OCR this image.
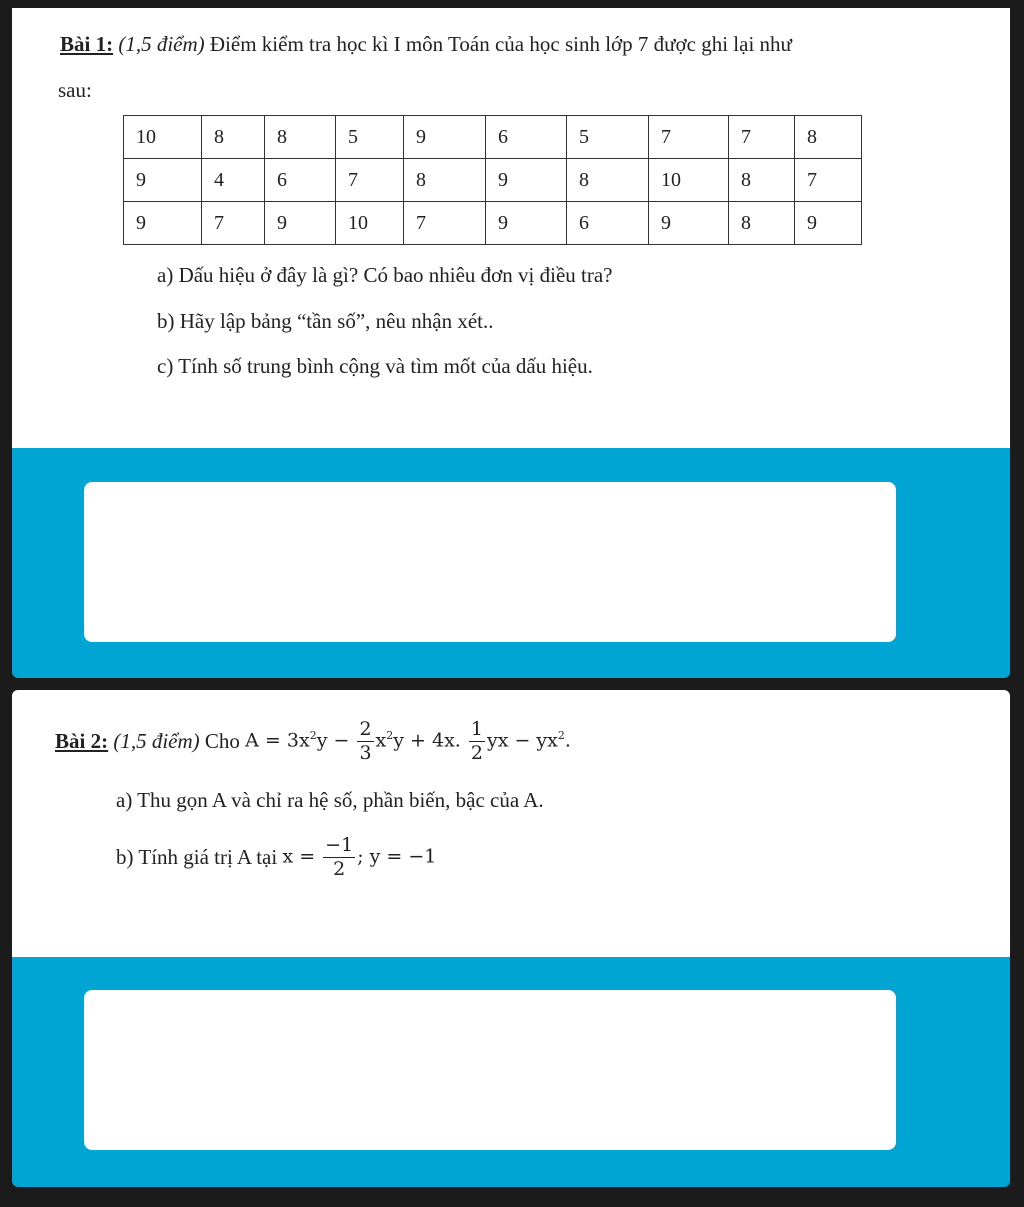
Bài 1: (1,5 điểm) Điểm kiểm tra học kì I môn Toán của học sinh lớp 7 được ghi lại như
sau:
10	8	8	5	9	6	5	7	7	8
9	4	6	7	8	9	8	10	8	7
9	7	9	10	7	9	6	9	8	9
a) Dấu hiệu ở đây là gì? Có bao nhiêu đơn vị điều tra?
b) Hãy lập bảng “tần số”, nêu nhận xét..
c) Tính số trung bình cộng và tìm mốt của dấu hiệu.
Bài 2:
(1,5 điểm)
Cho
$A = 3x^2y - \frac{2}{3} x^2y + 4x$. $\frac{1}{2}$ yx − $yx^2$.
a) Thu gọn A và chỉ ra hệ số, phần biến, bậc của A.
b) Tính giá trị A tại
$x = \frac{-1}{2}$ ; y = −1
